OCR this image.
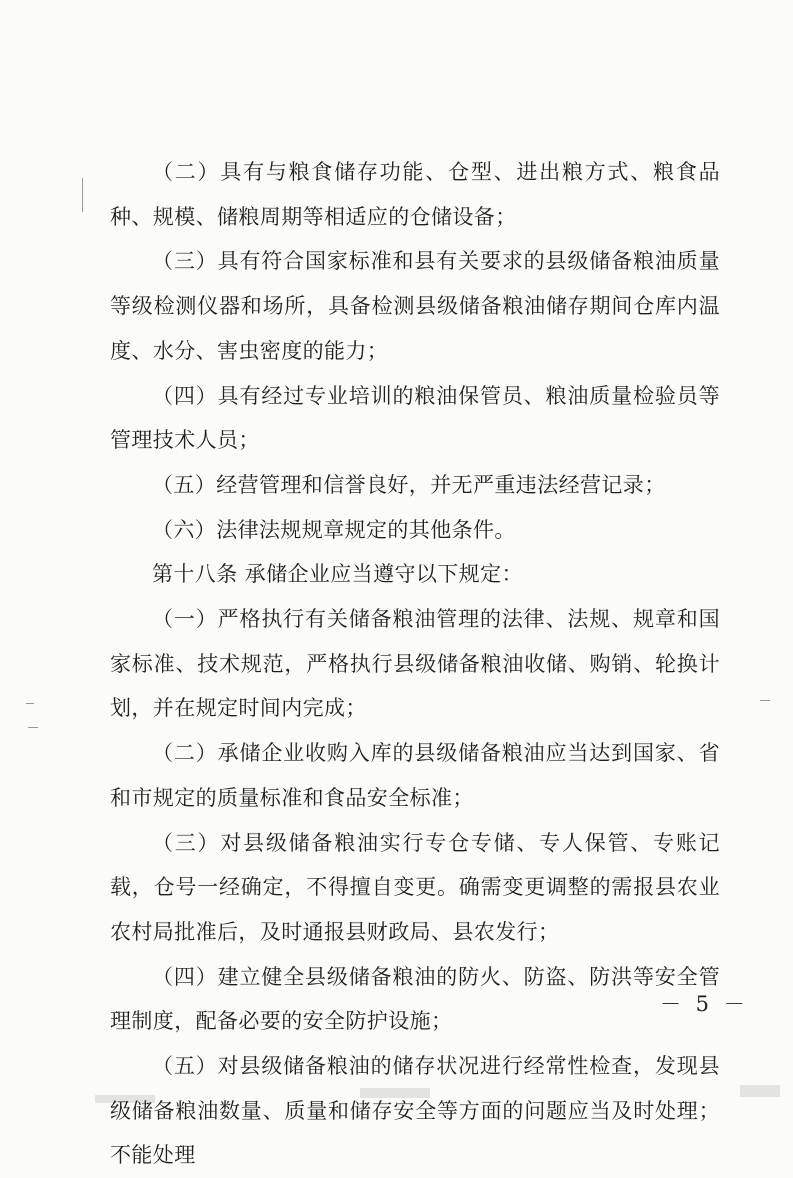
（二）具有与粮食储存功能、仓型、进出粮方式、粮食品种、规模、储粮周期等相适应的仓储设备；

（三）具有符合国家标准和县有关要求的县级储备粮油质量等级检测仪器和场所，具备检测县级储备粮油储存期间仓库内温度、水分、害虫密度的能力；

（四）具有经过专业培训的粮油保管员、粮油质量检验员等管理技术人员；

（五）经营管理和信誉良好，并无严重违法经营记录；

（六）法律法规规章规定的其他条件。

第十八条 承储企业应当遵守以下规定：

（一）严格执行有关储备粮油管理的法律、法规、规章和国家标准、技术规范，严格执行县级储备粮油收储、购销、轮换计划，并在规定时间内完成；

（二）承储企业收购入库的县级储备粮油应当达到国家、省和市规定的质量标准和食品安全标准；

（三）对县级储备粮油实行专仓专储、专人保管、专账记载，仓号一经确定，不得擅自变更。确需变更调整的需报县农业农村局批准后，及时通报县财政局、县农发行；

（四）建立健全县级储备粮油的防火、防盗、防洪等安全管理制度，配备必要的安全防护设施；

（五）对县级储备粮油的储存状况进行经常性检查，发现县级储备粮油数量、质量和储存安全等方面的问题应当及时处理；不能处理

－ 5 －
